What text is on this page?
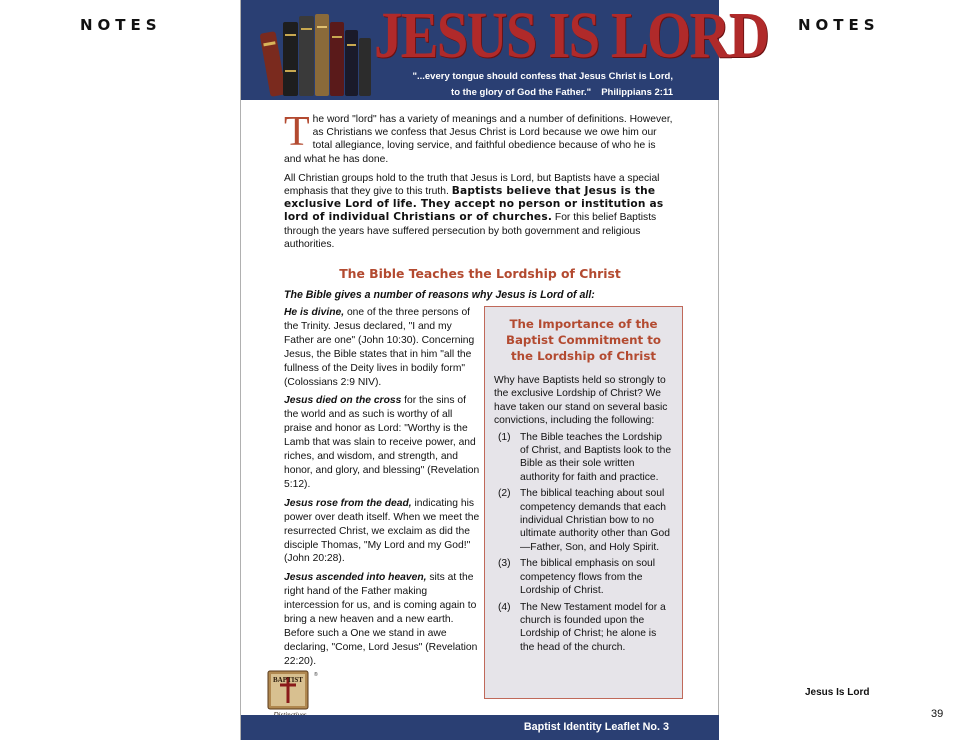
NOTES	NOTES
JESUS IS LORD
"...every tongue should confess that Jesus Christ is Lord,
to the glory of God the Father." Philippians 2:11

The word "lord" has a variety of meanings and a number of definitions. However, as Christians we confess that Jesus Christ is Lord because we owe him our total allegiance, loving service, and faithful obedience because of who he is and what he has done.

All Christian groups hold to the truth that Jesus is Lord, but Baptists have a special emphasis that they give to this truth. Baptists believe that Jesus is the exclusive Lord of life. They accept no person or institution as lord of individual Christians or of churches. For this belief Baptists through the years have suffered persecution by both government and religious authorities.

The Bible Teaches the Lordship of Christ
The Bible gives a number of reasons why Jesus is Lord of all:

He is divine, one of the three persons of the Trinity. Jesus declared, "I and my Father are one" (John 10:30). Concerning Jesus, the Bible states that in him "all the fullness of the Deity lives in bodily form" (Colossians 2:9 NIV).

Jesus died on the cross for the sins of the world and as such is worthy of all praise and honor as Lord: "Worthy is the Lamb that was slain to receive power, and riches, and wisdom, and strength, and honor, and glory, and blessing" (Revelation 5:12).

Jesus rose from the dead, indicating his power over death itself. When we meet the resurrected Christ, we exclaim as did the disciple Thomas, "My Lord and my God!" (John 20:28).

Jesus ascended into heaven, sits at the right hand of the Father making intercession for us, and is coming again to bring a new heaven and a new earth. Before such a One we stand in awe declaring, "Come, Lord Jesus" (Revelation 22:20).

The Importance of the Baptist Commitment to the Lordship of Christ
Why have Baptists held so strongly to the exclusive Lordship of Christ? We have taken our stand on several basic convictions, including the following:
(1) The Bible teaches the Lordship of Christ, and Baptists look to the Bible as their sole written authority for faith and practice.
(2) The biblical teaching about soul competency demands that each individual Christian bow to no ultimate authority other than God—Father, Son, and Holy Spirit.
(3) The biblical emphasis on soul competency flows from the Lordship of Christ.
(4) The New Testament model for a church is founded upon the Lordship of Christ; he alone is the head of the church.
BAPTIST
®
Baptist Identity Leaflet No. 3
Jesus Is Lord
39
